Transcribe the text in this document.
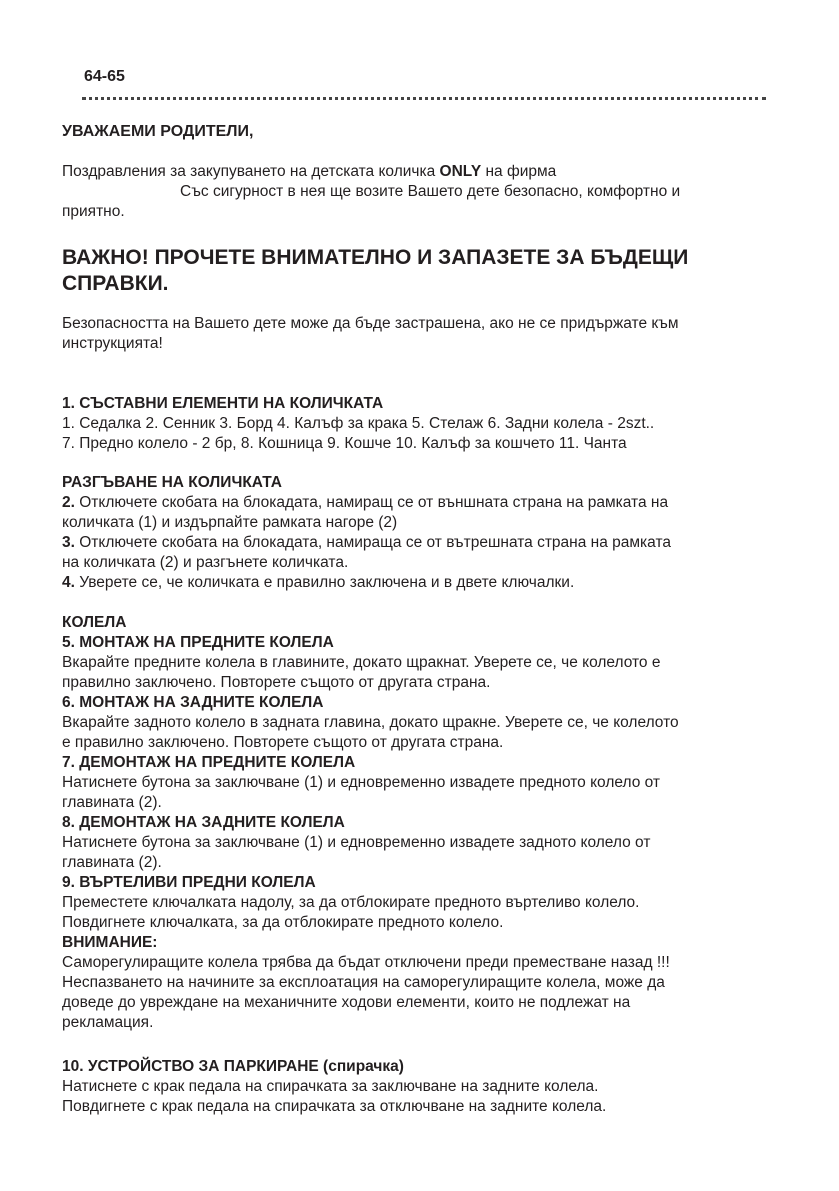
64-65

УВАЖАЕМИ РОДИТЕЛИ,

Поздравления за закупуването на детската количка ONLY на фирма

Със сигурност в нея ще возите Вашето дете безопасно, комфортно и

приятно.

ВАЖНО! ПРОЧЕТЕ ВНИМАТЕЛНО И ЗАПАЗЕТЕ ЗА БЪДЕЩИ

СПРАВКИ.

Безопасността на Вашето дете може да бъде застрашена, ако не се придържате към

инструкцията!

1. СЪСТАВНИ ЕЛЕМЕНТИ НА КОЛИЧКАТА

1. Седалка 2. Сенник 3. Борд 4. Калъф за крака 5. Стелаж 6. Задни колела - 2szt..

7. Предно колело - 2 бр, 8. Кошница 9. Кошче 10. Калъф за кошчето 11. Чанта

РАЗГЪВАНЕ НА КОЛИЧКАТА

2. Отключете скобата на блокадата, намиращ се от външната страна на рамката на

количката (1) и издърпайте рамката нагоре (2)

3. Отключете скобата на блокадата, намираща се от вътрешната страна на рамката

на количката (2) и разгънете количката.

4. Уверете се, че количката е правилно заключена и в двете ключалки.

КОЛЕЛА

5. МОНТАЖ НА ПРЕДНИТЕ КОЛЕЛА

Вкарайте предните колела в главините, докато щракнат. Уверете се, че колелото е

правилно заключено. Повторете същото от другата страна.

6. МОНТАЖ НА ЗАДНИТЕ КОЛЕЛА

Вкарайте задното колело в задната главина, докато щракне. Уверете се, че колелото

е правилно заключено. Повторете същото от другата страна.

7. ДЕМОНТАЖ НА ПРЕДНИТЕ КОЛЕЛА

Натиснете бутона за заключване (1) и едновременно извадете предното колело от

главината (2).

8. ДЕМОНТАЖ НА ЗАДНИТЕ КОЛЕЛА

Натиснете бутона за заключване (1) и едновременно извадете задното колело от

главината (2).

9. ВЪРТЕЛИВИ ПРЕДНИ КОЛЕЛА

Преместете ключалката надолу, за да отблокирате предното въртеливо колело.

Повдигнете ключалката, за да отблокирате предното колело.

ВНИМАНИЕ:

Саморегулиращите колела трябва да бъдат отключени преди преместване назад !!!

Неспазването на начините за експлоатация на саморегулиращите колела, може да

доведе до увреждане на механичните ходови елементи, които не подлежат на

рекламация.

10. УСТРОЙСТВО ЗА ПАРКИРАНЕ (спирачка)

Натиснете с крак педала на спирачката за заключване на задните колела.

Повдигнете с крак педала на спирачката за отключване на задните колела.
